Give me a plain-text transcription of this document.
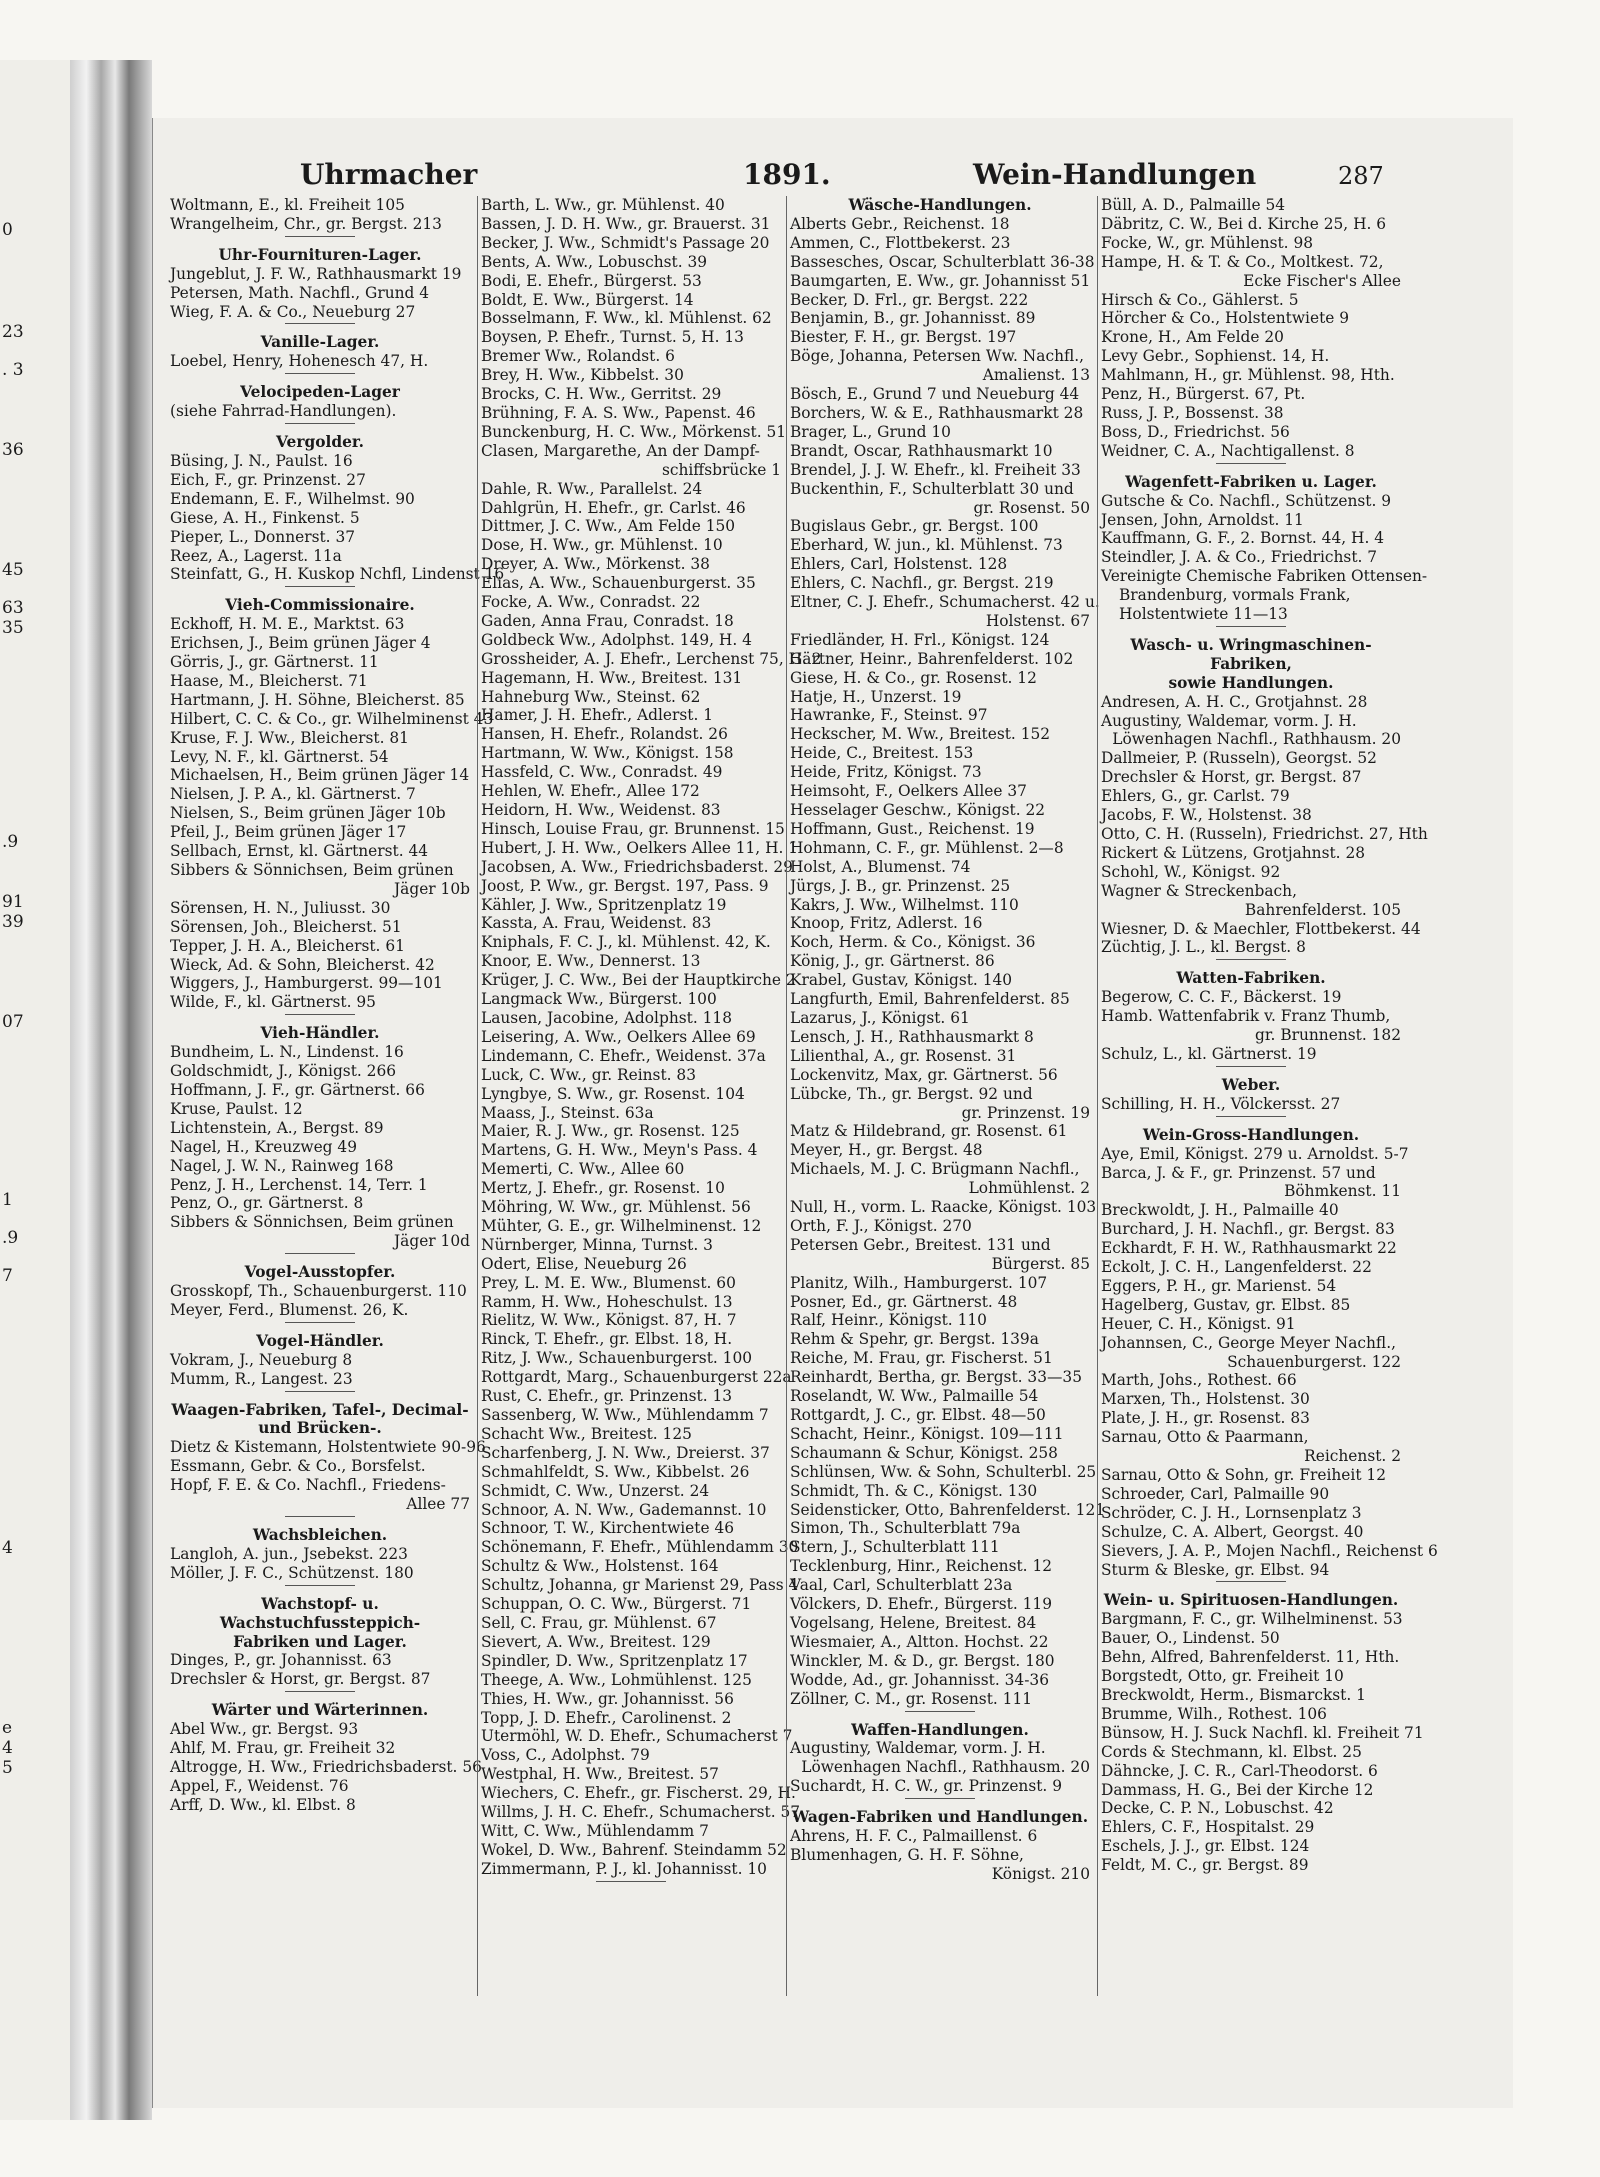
0
23
. 3
36
45
63
35
.9
91
39
07
1
.9
7
4
e
4
5
Uhrmacher	1891.	Wein-Handlungen	287
Woltmann, E., kl. Freiheit 105
Wrangelheim, Chr., gr. Bergst. 213
Uhr-Fournituren-Lager.
Jungeblut, J. F. W., Rathhausmarkt 19
Petersen, Math. Nachfl., Grund 4
Wieg, F. A. & Co., Neueburg 27
Vanille-Lager.
Loebel, Henry, Hohenesch 47, H.
Velocipeden-Lager
(siehe Fahrrad-Handlungen).
Vergolder.
Büsing, J. N., Paulst. 16
Eich, F., gr. Prinzenst. 27
Endemann, E. F., Wilhelmst. 90
Giese, A. H., Finkenst. 5
Pieper, L., Donnerst. 37
Reez, A., Lagerst. 11a
Steinfatt, G., H. Kuskop Nchfl, Lindenst 16
Vieh-Commissionaire.
Eckhoff, H. M. E., Marktst. 63
Erichsen, J., Beim grünen Jäger 4
Görris, J., gr. Gärtnerst. 11
Haase, M., Bleicherst. 71
Hartmann, J. H. Söhne, Bleicherst. 85
Hilbert, C. C. & Co., gr. Wilhelminenst 43
Kruse, F. J. Ww., Bleicherst. 81
Levy, N. F., kl. Gärtnerst. 54
Michaelsen, H., Beim grünen Jäger 14
Nielsen, J. P. A., kl. Gärtnerst. 7
Nielsen, S., Beim grünen Jäger 10b
Pfeil, J., Beim grünen Jäger 17
Sellbach, Ernst, kl. Gärtnerst. 44
Sibbers & Sönnichsen, Beim grünen
Jäger 10b
Sörensen, H. N., Juliusst. 30
Sörensen, Joh., Bleicherst. 51
Tepper, J. H. A., Bleicherst. 61
Wieck, Ad. & Sohn, Bleicherst. 42
Wiggers, J., Hamburgerst. 99—101
Wilde, F., kl. Gärtnerst. 95
Vieh-Händler.
Bundheim, L. N., Lindenst. 16
Goldschmidt, J., Königst. 266
Hoffmann, J. F., gr. Gärtnerst. 66
Kruse, Paulst. 12
Lichtenstein, A., Bergst. 89
Nagel, H., Kreuzweg 49
Nagel, J. W. N., Rainweg 168
Penz, J. H., Lerchenst. 14, Terr. 1
Penz, O., gr. Gärtnerst. 8
Sibbers & Sönnichsen, Beim grünen
Jäger 10d
Vogel-Ausstopfer.
Grosskopf, Th., Schauenburgerst. 110
Meyer, Ferd., Blumenst. 26, K.
Vogel-Händler.
Vokram, J., Neueburg 8
Mumm, R., Langest. 23
Waagen-Fabriken, Tafel-, Decimal-
und Brücken-.
Dietz & Kistemann, Holstentwiete 90-96
Essmann, Gebr. & Co., Borsfelst.
Hopf, F. E. & Co. Nachfl., Friedens-
Allee 77
Wachsbleichen.
Langloh, A. jun., Jsebekst. 223
Möller, J. F. C., Schützenst. 180
Wachstopf- u. Wachstuchfussteppich-
Fabriken und Lager.
Dinges, P., gr. Johannisst. 63
Drechsler & Horst, gr. Bergst. 87
Wärter und Wärterinnen.
Abel Ww., gr. Bergst. 93
Ahlf, M. Frau, gr. Freiheit 32
Altrogge, H. Ww., Friedrichsbaderst. 56
Appel, F., Weidenst. 76
Arff, D. Ww., kl. Elbst. 8
Barth, L. Ww., gr. Mühlenst. 40
Bassen, J. D. H. Ww., gr. Brauerst. 31
Becker, J. Ww., Schmidt's Passage 20
Bents, A. Ww., Lobuschst. 39
Bodi, E. Ehefr., Bürgerst. 53
Boldt, E. Ww., Bürgerst. 14
Bosselmann, F. Ww., kl. Mühlenst. 62
Boysen, P. Ehefr., Turnst. 5, H. 13
Bremer Ww., Rolandst. 6
Brey, H. Ww., Kibbelst. 30
Brocks, C. H. Ww., Gerritst. 29
Brühning, F. A. S. Ww., Papenst. 46
Bunckenburg, H. C. Ww., Mörkenst. 51
Clasen, Margarethe, An der Dampf-
schiffsbrücke 1
Dahle, R. Ww., Parallelst. 24
Dahlgrün, H. Ehefr., gr. Carlst. 46
Dittmer, J. C. Ww., Am Felde 150
Dose, H. Ww., gr. Mühlenst. 10
Dreyer, A. Ww., Mörkenst. 38
Elias, A. Ww., Schauenburgerst. 35
Focke, A. Ww., Conradst. 22
Gaden, Anna Frau, Conradst. 18
Goldbeck Ww., Adolphst. 149, H. 4
Grossheider, A. J. Ehefr., Lerchenst 75, H. 2
Hagemann, H. Ww., Breitest. 131
Hahneburg Ww., Steinst. 62
Hamer, J. H. Ehefr., Adlerst. 1
Hansen, H. Ehefr., Rolandst. 26
Hartmann, W. Ww., Königst. 158
Hassfeld, C. Ww., Conradst. 49
Hehlen, W. Ehefr., Allee 172
Heidorn, H. Ww., Weidenst. 83
Hinsch, Louise Frau, gr. Brunnenst. 15
Hubert, J. H. Ww., Oelkers Allee 11, H. 1
Jacobsen, A. Ww., Friedrichsbaderst. 29
Joost, P. Ww., gr. Bergst. 197, Pass. 9
Kähler, J. Ww., Spritzenplatz 19
Kassta, A. Frau, Weidenst. 83
Kniphals, F. C. J., kl. Mühlenst. 42, K.
Knoor, E. Ww., Dennerst. 13
Krüger, J. C. Ww., Bei der Hauptkirche 2
Langmack Ww., Bürgerst. 100
Lausen, Jacobine, Adolphst. 118
Leisering, A. Ww., Oelkers Allee 69
Lindemann, C. Ehefr., Weidenst. 37a
Luck, C. Ww., gr. Reinst. 83
Lyngbye, S. Ww., gr. Rosenst. 104
Maass, J., Steinst. 63a
Maier, R. J. Ww., gr. Rosenst. 125
Martens, G. H. Ww., Meyn's Pass. 4
Memerti, C. Ww., Allee 60
Mertz, J. Ehefr., gr. Rosenst. 10
Möhring, W. Ww., gr. Mühlenst. 56
Mühter, G. E., gr. Wilhelminenst. 12
Nürnberger, Minna, Turnst. 3
Odert, Elise, Neueburg 26
Prey, L. M. E. Ww., Blumenst. 60
Ramm, H. Ww., Hoheschulst. 13
Rielitz, W. Ww., Königst. 87, H. 7
Rinck, T. Ehefr., gr. Elbst. 18, H.
Ritz, J. Ww., Schauenburgerst. 100
Rottgardt, Marg., Schauenburgerst 22a
Rust, C. Ehefr., gr. Prinzenst. 13
Sassenberg, W. Ww., Mühlendamm 7
Schacht Ww., Breitest. 125
Scharfenberg, J. N. Ww., Dreierst. 37
Schmahlfeldt, S. Ww., Kibbelst. 26
Schmidt, C. Ww., Unzerst. 24
Schnoor, A. N. Ww., Gademannst. 10
Schnoor, T. W., Kirchentwiete 46
Schönemann, F. Ehefr., Mühlendamm 30
Schultz & Ww., Holstenst. 164
Schultz, Johanna, gr Marienst 29, Pass 4
Schuppan, O. C. Ww., Bürgerst. 71
Sell, C. Frau, gr. Mühlenst. 67
Sievert, A. Ww., Breitest. 129
Spindler, D. Ww., Spritzenplatz 17
Theege, A. Ww., Lohmühlenst. 125
Thies, H. Ww., gr. Johannisst. 56
Topp, J. D. Ehefr., Carolinenst. 2
Utermöhl, W. D. Ehefr., Schumacherst 7
Voss, C., Adolphst. 79
Westphal, H. Ww., Breitest. 57
Wiechers, C. Ehefr., gr. Fischerst. 29, H.
Willms, J. H. C. Ehefr., Schumacherst. 57
Witt, C. Ww., Mühlendamm 7
Wokel, D. Ww., Bahrenf. Steindamm 52
Zimmermann, P. J., kl. Johannisst. 10
Wäsche-Handlungen.
Alberts Gebr., Reichenst. 18
Ammen, C., Flottbekerst. 23
Bassesches, Oscar, Schulterblatt 36-38
Baumgarten, E. Ww., gr. Johannisst 51
Becker, D. Frl., gr. Bergst. 222
Benjamin, B., gr. Johannisst. 89
Biester, F. H., gr. Bergst. 197
Böge, Johanna, Petersen Ww. Nachfl.,
Amalienst. 13
Bösch, E., Grund 7 und Neueburg 44
Borchers, W. & E., Rathhausmarkt 28
Brager, L., Grund 10
Brandt, Oscar, Rathhausmarkt 10
Brendel, J. J. W. Ehefr., kl. Freiheit 33
Buckenthin, F., Schulterblatt 30 und
gr. Rosenst. 50
Bugislaus Gebr., gr. Bergst. 100
Eberhard, W. jun., kl. Mühlenst. 73
Ehlers, Carl, Holstenst. 128
Ehlers, C. Nachfl., gr. Bergst. 219
Eltner, C. J. Ehefr., Schumacherst. 42 u.
Holstenst. 67
Friedländer, H. Frl., Königst. 124
Gärtner, Heinr., Bahrenfelderst. 102
Giese, H. & Co., gr. Rosenst. 12
Hatje, H., Unzerst. 19
Hawranke, F., Steinst. 97
Heckscher, M. Ww., Breitest. 152
Heide, C., Breitest. 153
Heide, Fritz, Königst. 73
Heimsoht, F., Oelkers Allee 37
Hesselager Geschw., Königst. 22
Hoffmann, Gust., Reichenst. 19
Hohmann, C. F., gr. Mühlenst. 2—8
Holst, A., Blumenst. 74
Jürgs, J. B., gr. Prinzenst. 25
Kakrs, J. Ww., Wilhelmst. 110
Knoop, Fritz, Adlerst. 16
Koch, Herm. & Co., Königst. 36
König, J., gr. Gärtnerst. 86
Krabel, Gustav, Königst. 140
Langfurth, Emil, Bahrenfelderst. 85
Lazarus, J., Königst. 61
Lensch, J. H., Rathhausmarkt 8
Lilienthal, A., gr. Rosenst. 31
Lockenvitz, Max, gr. Gärtnerst. 56
Lübcke, Th., gr. Bergst. 92 und
gr. Prinzenst. 19
Matz & Hildebrand, gr. Rosenst. 61
Meyer, H., gr. Bergst. 48
Michaels, M. J. C. Brügmann Nachfl.,
Lohmühlenst. 2
Null, H., vorm. L. Raacke, Königst. 103
Orth, F. J., Königst. 270
Petersen Gebr., Breitest. 131 und
Bürgerst. 85
Planitz, Wilh., Hamburgerst. 107
Posner, Ed., gr. Gärtnerst. 48
Ralf, Heinr., Königst. 110
Rehm & Spehr, gr. Bergst. 139a
Reiche, M. Frau, gr. Fischerst. 51
Reinhardt, Bertha, gr. Bergst. 33—35
Roselandt, W. Ww., Palmaille 54
Rottgardt, J. C., gr. Elbst. 48—50
Schacht, Heinr., Königst. 109—111
Schaumann & Schur, Königst. 258
Schlünsen, Ww. & Sohn, Schulterbl. 25
Schmidt, Th. & C., Königst. 130
Seidensticker, Otto, Bahrenfelderst. 121
Simon, Th., Schulterblatt 79a
Stern, J., Schulterblatt 111
Tecklenburg, Hinr., Reichenst. 12
Vaal, Carl, Schulterblatt 23a
Völckers, D. Ehefr., Bürgerst. 119
Vogelsang, Helene, Breitest. 84
Wiesmaier, A., Altton. Hochst. 22
Winckler, M. & D., gr. Bergst. 180
Wodde, Ad., gr. Johannisst. 34-36
Zöllner, C. M., gr. Rosenst. 111
Waffen-Handlungen.
Augustiny, Waldemar, vorm. J. H.
Löwenhagen Nachfl., Rathhausm. 20
Suchardt, H. C. W., gr. Prinzenst. 9
Wagen-Fabriken und Handlungen.
Ahrens, H. F. C., Palmaillenst. 6
Blumenhagen, G. H. F. Söhne,
Königst. 210
Büll, A. D., Palmaille 54
Däbritz, C. W., Bei d. Kirche 25, H. 6
Focke, W., gr. Mühlenst. 98
Hampe, H. & T. & Co., Moltkest. 72,
Ecke Fischer's Allee
Hirsch & Co., Gählerst. 5
Hörcher & Co., Holstentwiete 9
Krone, H., Am Felde 20
Levy Gebr., Sophienst. 14, H.
Mahlmann, H., gr. Mühlenst. 98, Hth.
Penz, H., Bürgerst. 67, Pt.
Russ, J. P., Bossenst. 38
Boss, D., Friedrichst. 56
Weidner, C. A., Nachtigallenst. 8
Wagenfett-Fabriken u. Lager.
Gutsche & Co. Nachfl., Schützenst. 9
Jensen, John, Arnoldst. 11
Kauffmann, G. F., 2. Bornst. 44, H. 4
Steindler, J. A. & Co., Friedrichst. 7
Vereinigte Chemische Fabriken Ottensen-
Brandenburg, vormals Frank,
Holstentwiete 11—13
Wasch- u. Wringmaschinen-Fabriken,
sowie Handlungen.
Andresen, A. H. C., Grotjahnst. 28
Augustiny, Waldemar, vorm. J. H.
Löwenhagen Nachfl., Rathhausm. 20
Dallmeier, P. (Russeln), Georgst. 52
Drechsler & Horst, gr. Bergst. 87
Ehlers, G., gr. Carlst. 79
Jacobs, F. W., Holstenst. 38
Otto, C. H. (Russeln), Friedrichst. 27, Hth
Rickert & Lützens, Grotjahnst. 28
Schohl, W., Königst. 92
Wagner & Streckenbach,
Bahrenfelderst. 105
Wiesner, D. & Maechler, Flottbekerst. 44
Züchtig, J. L., kl. Bergst. 8
Watten-Fabriken.
Begerow, C. C. F., Bäckerst. 19
Hamb. Wattenfabrik v. Franz Thumb,
gr. Brunnenst. 182
Schulz, L., kl. Gärtnerst. 19
Weber.
Schilling, H. H., Völckersst. 27
Wein-Gross-Handlungen.
Aye, Emil, Königst. 279 u. Arnoldst. 5-7
Barca, J. & F., gr. Prinzenst. 57 und
Böhmkenst. 11
Breckwoldt, J. H., Palmaille 40
Burchard, J. H. Nachfl., gr. Bergst. 83
Eckhardt, F. H. W., Rathhausmarkt 22
Eckolt, J. C. H., Langenfelderst. 22
Eggers, P. H., gr. Marienst. 54
Hagelberg, Gustav, gr. Elbst. 85
Heuer, C. H., Königst. 91
Johannsen, C., George Meyer Nachfl.,
Schauenburgerst. 122
Marth, Johs., Rothest. 66
Marxen, Th., Holstenst. 30
Plate, J. H., gr. Rosenst. 83
Sarnau, Otto & Paarmann,
Reichenst. 2
Sarnau, Otto & Sohn, gr. Freiheit 12
Schroeder, Carl, Palmaille 90
Schröder, C. J. H., Lornsenplatz 3
Schulze, C. A. Albert, Georgst. 40
Sievers, J. A. P., Mojen Nachfl., Reichenst 6
Sturm & Bleske, gr. Elbst. 94
Wein- u. Spirituosen-Handlungen.
Bargmann, F. C., gr. Wilhelminenst. 53
Bauer, O., Lindenst. 50
Behn, Alfred, Bahrenfelderst. 11, Hth.
Borgstedt, Otto, gr. Freiheit 10
Breckwoldt, Herm., Bismarckst. 1
Brumme, Wilh., Rothest. 106
Bünsow, H. J. Suck Nachfl. kl. Freiheit 71
Cords & Stechmann, kl. Elbst. 25
Dähncke, J. C. R., Carl-Theodorst. 6
Dammass, H. G., Bei der Kirche 12
Decke, C. P. N., Lobuschst. 42
Ehlers, C. F., Hospitalst. 29
Eschels, J. J., gr. Elbst. 124
Feldt, M. C., gr. Bergst. 89
